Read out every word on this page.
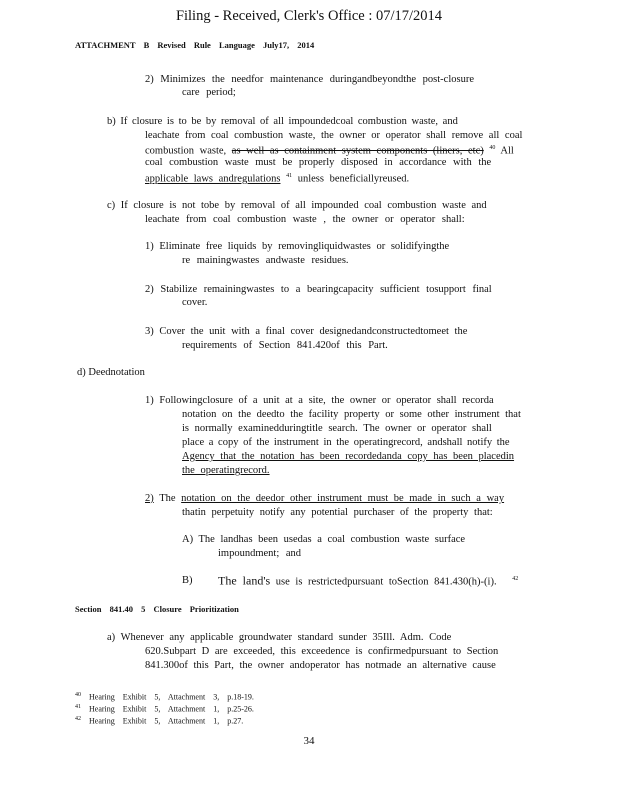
Filing - Received, Clerk's Office : 07/17/2014
ATTACHMENT B Revised Rule Language July17, 2014
2) Minimizes the needfor maintenance duringandbeyondthe post-closure
care period;
b) If closure is to be by removal of all impoundedcoal combustion waste, and
leachate from coal combustion waste, the owner or operator shall remove all coal
combustion waste, as well as containment system components (liners, etc) $^{40}$ All
coal combustion waste must be properly disposed in accordance with the
applicable laws andregulations $^{41}$ unless beneficiallyreused.
c) If closure is not tobe by removal of all impounded coal combustion waste and
leachate from coal combustion waste , the owner or operator shall:
1) Eliminate free liquids by removingliquidwastes or solidifyingthe
re mainingwastes andwaste residues.
2) Stabilize remainingwastes to a bearingcapacity sufficient tosupport final
cover.
3) Cover the unit with a final cover designedandconstructedtomeet the
requirements of Section 841.420of this Part.
d) Deednotation
1) Followingclosure of a unit at a site, the owner or operator shall recorda
notation on the deedto the facility property or some other instrument that
is normally examinedduringtitle search. The owner or operator shall
place a copy of the instrument in the operatingrecord, andshall notify the
Agency that the notation has been recordedanda copy has been placedin
the operatingrecord.
2) The notation on the deedor other instrument must be made in such a way
thatin perpetuity notify any potential purchaser of the property that:
A) The landhas been usedas a coal combustion waste surface
impoundment; and
B) The land's use is restrictedpursuant toSection 841.430(h)-(i).	$^{42}$
Section 841.40 5 Closure Prioritization
a) Whenever any applicable groundwater standard sunder 35Ill. Adm. Code
620.Subpart D are exceeded, this exceedence is confirmedpursuant to Section
841.300of this Part, the owner andoperator has notmade an alternative cause
$^{40}$ Hearing Exhibit 5, Attachment 3, p.18-19.
$^{41}$ Hearing Exhibit 5, Attachment 1, p.25-26.
$^{42}$ Hearing Exhibit 5, Attachment 1, p.27.
34
